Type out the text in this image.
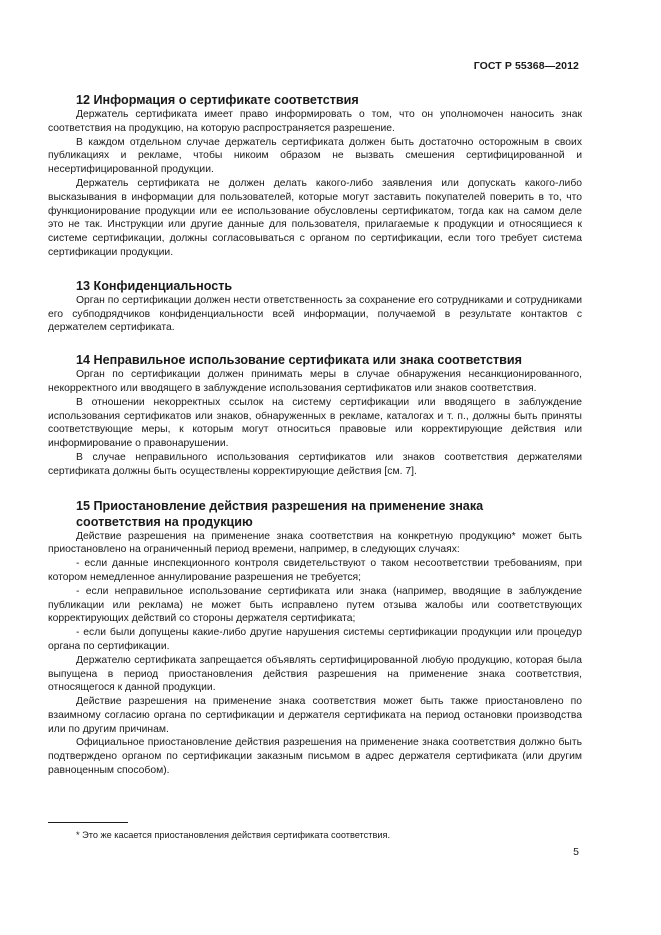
ГОСТ Р 55368—2012

12 Информация о сертификате соответствия

Держатель сертификата имеет право информировать о том, что он уполномочен наносить знак соответствия на продукцию, на которую распространяется разрешение.

В каждом отдельном случае держатель сертификата должен быть достаточно осторожным в своих публикациях и рекламе, чтобы никоим образом не вызвать смешения сертифицированной и несертифицированной продукции.

Держатель сертификата не должен делать какого-либо заявления или допускать какого-либо высказывания в информации для пользователей, которые могут заставить покупателей поверить в то, что функционирование продукции или ее использование обусловлены сертификатом, тогда как на самом деле это не так. Инструкции или другие данные для пользователя, прилагаемые к продукции и относящиеся к системе сертификации, должны согласовываться с органом по сертификации, если того требует система сертификации продукции.

13 Конфиденциальность

Орган по сертификации должен нести ответственность за сохранение его сотрудниками и сотрудниками его субподрядчиков конфиденциальности всей информации, получаемой в результате контактов с держателем сертификата.

14 Неправильное использование сертификата или знака соответствия

Орган по сертификации должен принимать меры в случае обнаружения несанкционированного, некорректного или вводящего в заблуждение использования сертификатов или знаков соответствия.

В отношении некорректных ссылок на систему сертификации или вводящего в заблуждение использования сертификатов или знаков, обнаруженных в рекламе, каталогах и т. п., должны быть приняты соответствующие меры, к которым могут относиться правовые или корректирующие действия или информирование о правонарушении.

В случае неправильного использования сертификатов или знаков соответствия держателями сертификата должны быть осуществлены корректирующие действия [см. 7].

15 Приостановление действия разрешения на применение знака
соответствия на продукцию

Действие разрешения на применение знака соответствия на конкретную продукцию* может быть приостановлено на ограниченный период времени, например, в следующих случаях:

- если данные инспекционного контроля свидетельствуют о таком несоответствии требованиям, при котором немедленное аннулирование разрешения не требуется;

- если неправильное использование сертификата или знака (например, вводящие в заблуждение публикации или реклама) не может быть исправлено путем отзыва жалобы или соответствующих корректирующих действий со стороны держателя сертификата;

- если были допущены какие-либо другие нарушения системы сертификации продукции или процедур органа по сертификации.

Держателю сертификата запрещается объявлять сертифицированной любую продукцию, которая была выпущена в период приостановления действия разрешения на применение знака соответствия, относящегося к данной продукции.

Действие разрешения на применение знака соответствия может быть также приостановлено по взаимному согласию органа по сертификации и держателя сертификата на период остановки производства или по другим причинам.

Официальное приостановление действия разрешения на применение знака соответствия должно быть подтверждено органом по сертификации заказным письмом в адрес держателя сертификата (или другим равноценным способом).

* Это же касается приостановления действия сертификата соответствия.
5
